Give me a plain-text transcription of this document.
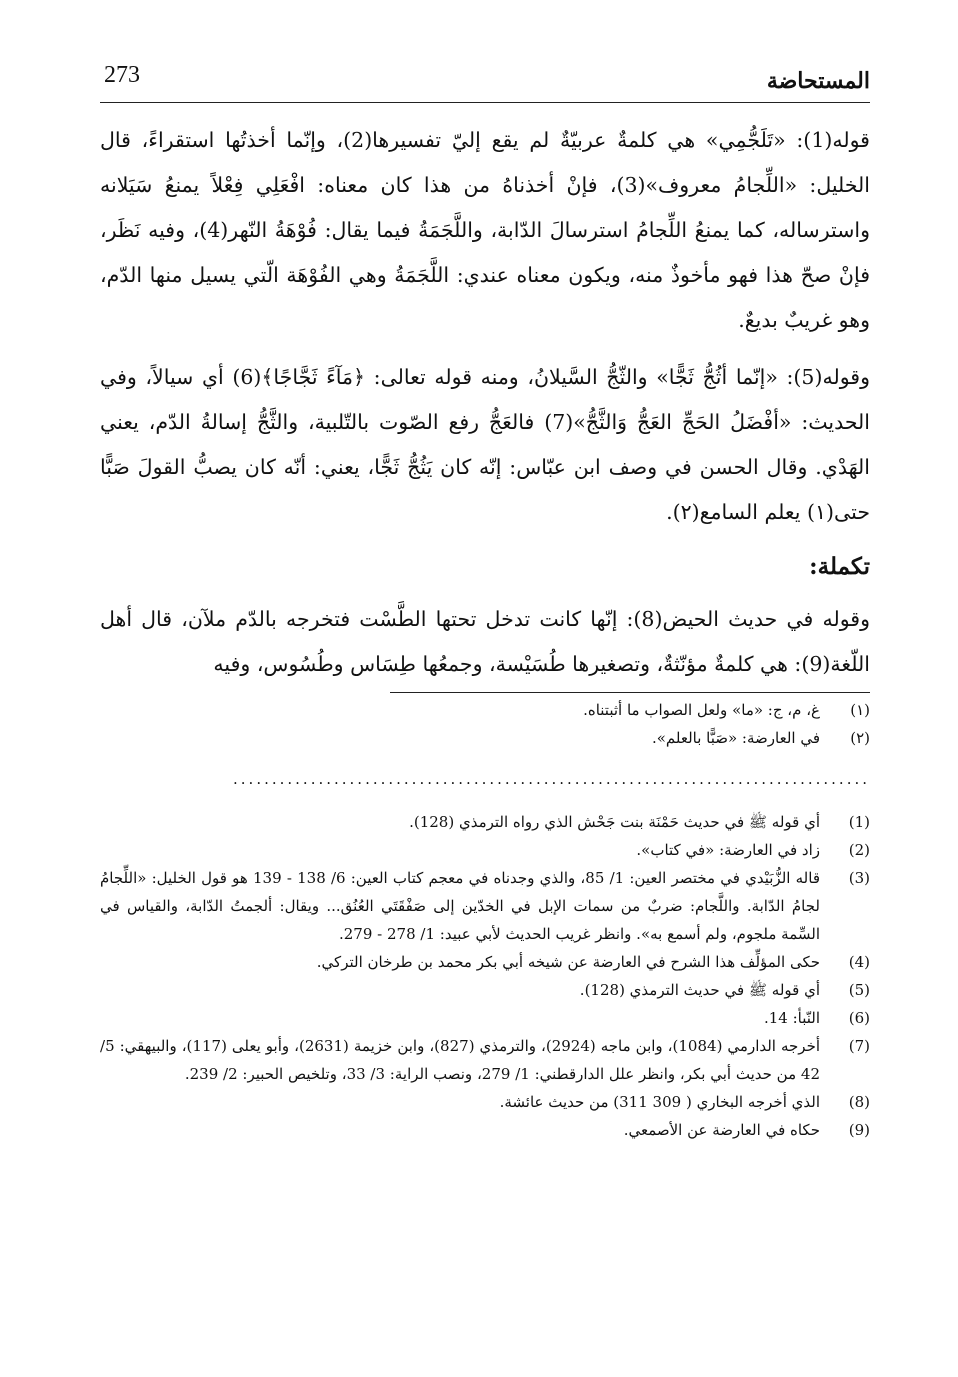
273	المستحاضة

قوله(1): «تَلَجُّمِي» هي كلمةٌ عربيّةٌ لم يقع إليّ تفسيرها(2)، وإنّما أخذتُها استقراءً، قال الخليل: «اللِّجامُ معروف»(3)، فإنْ أخذناهُ من هذا كان معناه: افْعَلِي فِعْلاً يمنعُ سَيَلانه واسترساله، كما يمنعُ اللِّجامُ استرسالَ الدّابة، واللَّجَمَةُ فيما يقال: فُوْهَةُ النّهر(4)، وفيه نَظَر، فإنْ صحّ هذا فهو مأخوذٌ منه، ويكون معناه عندي: اللَّجَمَةُ وهي الفُوْهَة الّتي يسيل منها الدّم، وهو غريبٌ بديعٌ.

وقوله(5): «إنّما أثُجُّ ثَجًّا» والثّجُّ السَّيلانُ، ومنه قوله تعالى: ﴿مَآءً ثَجَّاجًا﴾(6) أي سيالاً، وفي الحديث: «أفْضَلُ الحَجِّ العَجُّ وَالثَّجُّ»(7) فالعَجُّ رفع الصّوت بالتّلبية، والثَّجُّ إسالةُ الدّم، يعني الهَدْي. وقال الحسن في وصف ابن عبّاس: إنّه كان يَثُجُّ ثَجًّا، يعني: أنّه كان يصبُّ القولَ صَبًّا حتى(١) يعلم السامع(٢).

تكملة:

وقوله في حديث الحيض(8): إنّها كانت تدخل تحتها الطَّسْت فتخرجه بالدّم ملآن، قال أهل اللّغة(9): هي كلمةٌ مؤنّثةٌ، وتصغيرها طُسَيْسة، وجمعُها طِسَاس وطُسُوس، وفيه

(١)
غ، م، ج: «ما» ولعل الصواب ما أثبتناه.
(٢)
في العارضة: «صَبًّا بالعلم».
..................................................................................
(1)
أي قوله ﷺ في حديث حَمْنَة بنت جَحْش الذي رواه الترمذي (128).
(2)
زاد في العارضة: «في كتاب».
(3)
قاله الزُّبَيْدي في مختصر العين: 1/ 85، والذي وجدناه في معجم كتاب العين: 6/ 138 - 139 هو قول الخليل: «اللِّجامُ لجامُ الدّابة. واللَّجام: ضربٌ من سمات الإبل في الخدّين إلى صَفْقَتَي العُنُق... ويقال: ألجمتُ الدّابة، والقياس في السِّمة ملجوم، ولم أسمع به». وانظر غريب الحديث لأبي عبيد: 1/ 278 - 279.
(4)
حكى المؤلِّف هذا الشرح في العارضة عن شيخه أبي بكر محمد بن طرخان التركي.
(5)
أي قوله ﷺ في حديث الترمذي (128).
(6)
النّبأ: 14.
(7)
أخرجه الدارمي (1084)، وابن ماجه (2924)، والترمذي (827)، وابن خزيمة (2631)، وأبو يعلى (117)، والبيهقي: 5/ 42 من حديث أبي بكر، وانظر علل الدارقطني: 1/ 279، ونصب الراية: 3/ 33، وتلخيص الحبير: 2/ 239.
(8)
الذي أخرجه البخاري ( 309 311) من حديث عائشة.
(9)
حكاه في العارضة عن الأصمعي.
